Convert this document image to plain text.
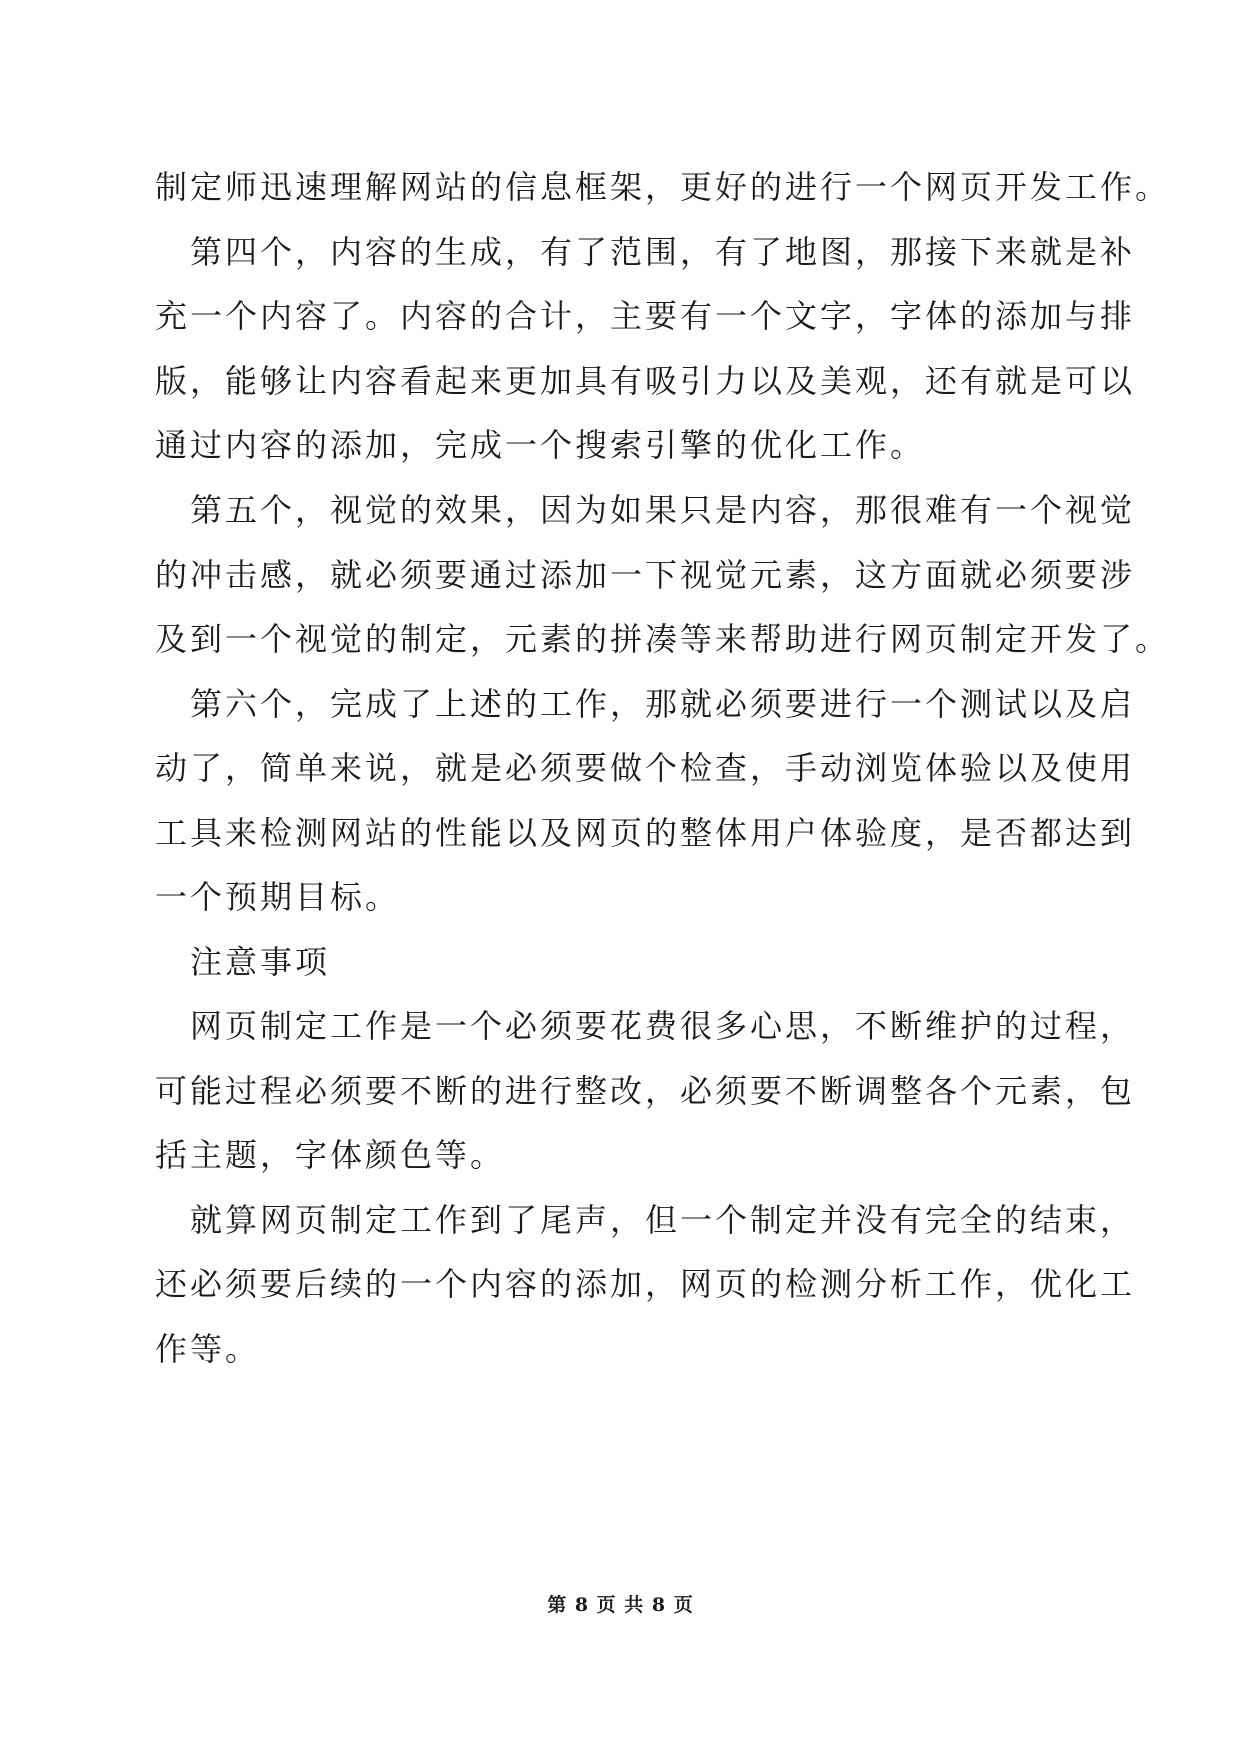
制定师迅速理解网站的信息框架，更好的进行一个网页开发工作。
第四个，内容的生成，有了范围，有了地图，那接下来就是补
充一个内容了。内容的合计，主要有一个文字，字体的添加与排
版，能够让内容看起来更加具有吸引力以及美观，还有就是可以
通过内容的添加，完成一个搜索引擎的优化工作。
第五个，视觉的效果，因为如果只是内容，那很难有一个视觉
的冲击感，就必须要通过添加一下视觉元素，这方面就必须要涉
及到一个视觉的制定，元素的拼凑等来帮助进行网页制定开发了。
第六个，完成了上述的工作，那就必须要进行一个测试以及启
动了，简单来说，就是必须要做个检查，手动浏览体验以及使用
工具来检测网站的性能以及网页的整体用户体验度，是否都达到
一个预期目标。
注意事项
网页制定工作是一个必须要花费很多心思，不断维护的过程，
可能过程必须要不断的进行整改，必须要不断调整各个元素，包
括主题，字体颜色等。
就算网页制定工作到了尾声，但一个制定并没有完全的结束，
还必须要后续的一个内容的添加，网页的检测分析工作，优化工
作等。
第 8 页 共 8 页
